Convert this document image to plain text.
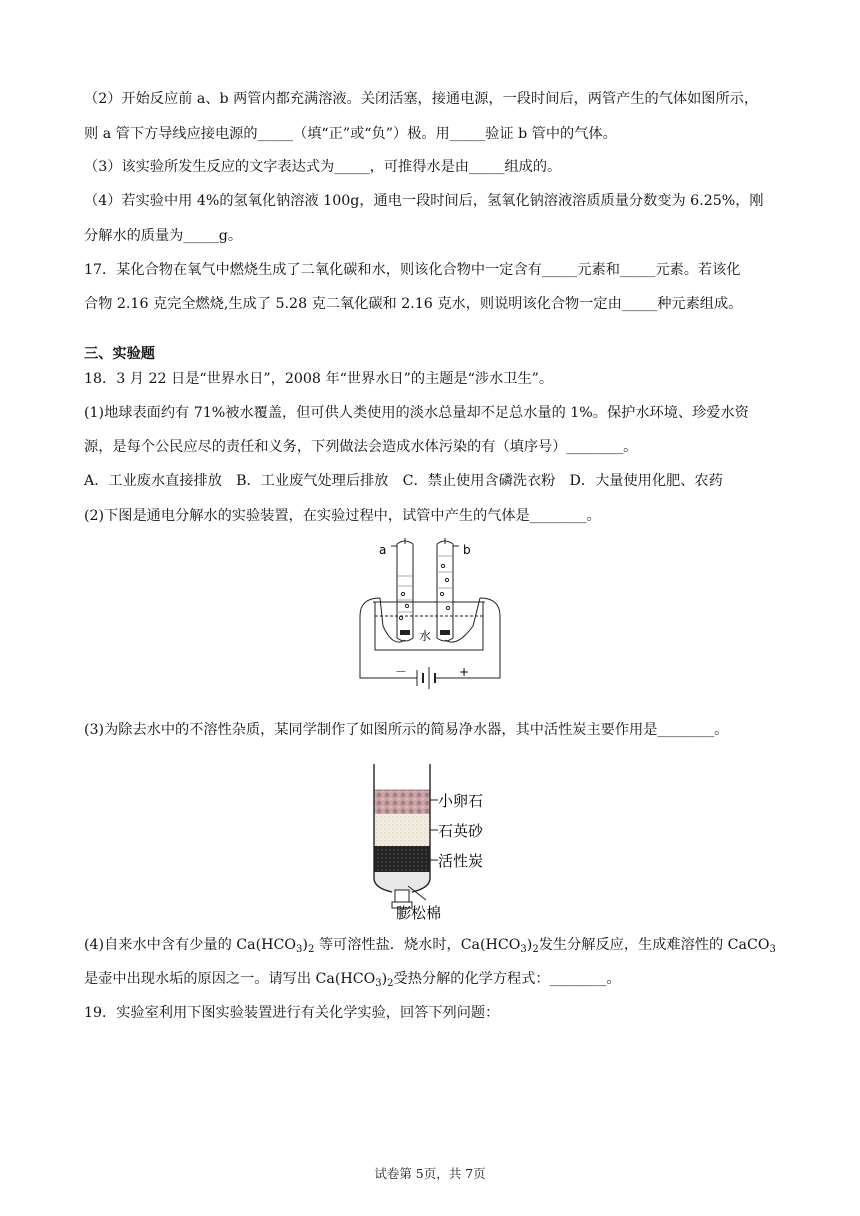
（2）开始反应前 a、b 两管内都充满溶液。关闭活塞，接通电源，一段时间后，两管产生的气体如图所示，
则 a 管下方导线应接电源的_____（填“正”或“负”）极。用_____验证 b 管中的气体。
（3）该实验所发生反应的文字表达式为_____，可推得水是由_____组成的。
（4）若实验中用 4%的氢氧化钠溶液 100g，通电一段时间后，氢氧化钠溶液溶质质量分数变为 6.25%，刚
分解水的质量为_____g。
17．某化合物在氧气中燃烧生成了二氧化碳和水，则该化合物中一定含有_____元素和_____元素。若该化
合物 2.16 克完全燃烧,生成了 5.28 克二氧化碳和 2.16 克水，则说明该化合物一定由_____种元素组成。
三、实验题
18．3 月 22 日是“世界水日”，2008 年“世界水日”的主题是“涉水卫生”。
(1)地球表面约有 71%被水覆盖，但可供人类使用的淡水总量却不足总水量的 1%。保护水环境、珍爱水资
源，是每个公民应尽的责任和义务，下列做法会造成水体污染的有（填序号）________。
A．工业废水直接排放　B．工业废气处理后排放　C．禁止使用含磷洗衣粉　D．大量使用化肥、农药
(2)下图是通电分解水的实验装置，在实验过程中，试管中产生的气体是________。
a	b
水
－	+
(3)为除去水中的不溶性杂质，某同学制作了如图所示的简易净水器，其中活性炭主要作用是________。
小卵石
石英砂
活性炭
膨松棉
(4)自来水中含有少量的 $Ca(HCO_3)_2$ 等可溶性盐．烧水时，$Ca(HCO_3)_2$发生分解反应，生成难溶性的 CaCO$_3$
是壶中出现水垢的原因之一。请写出 $Ca(HCO_3)_2$受热分解的化学方程式：________。
19．实验室利用下图实验装置进行有关化学实验，回答下列问题：
试卷第 5页，共 7页
